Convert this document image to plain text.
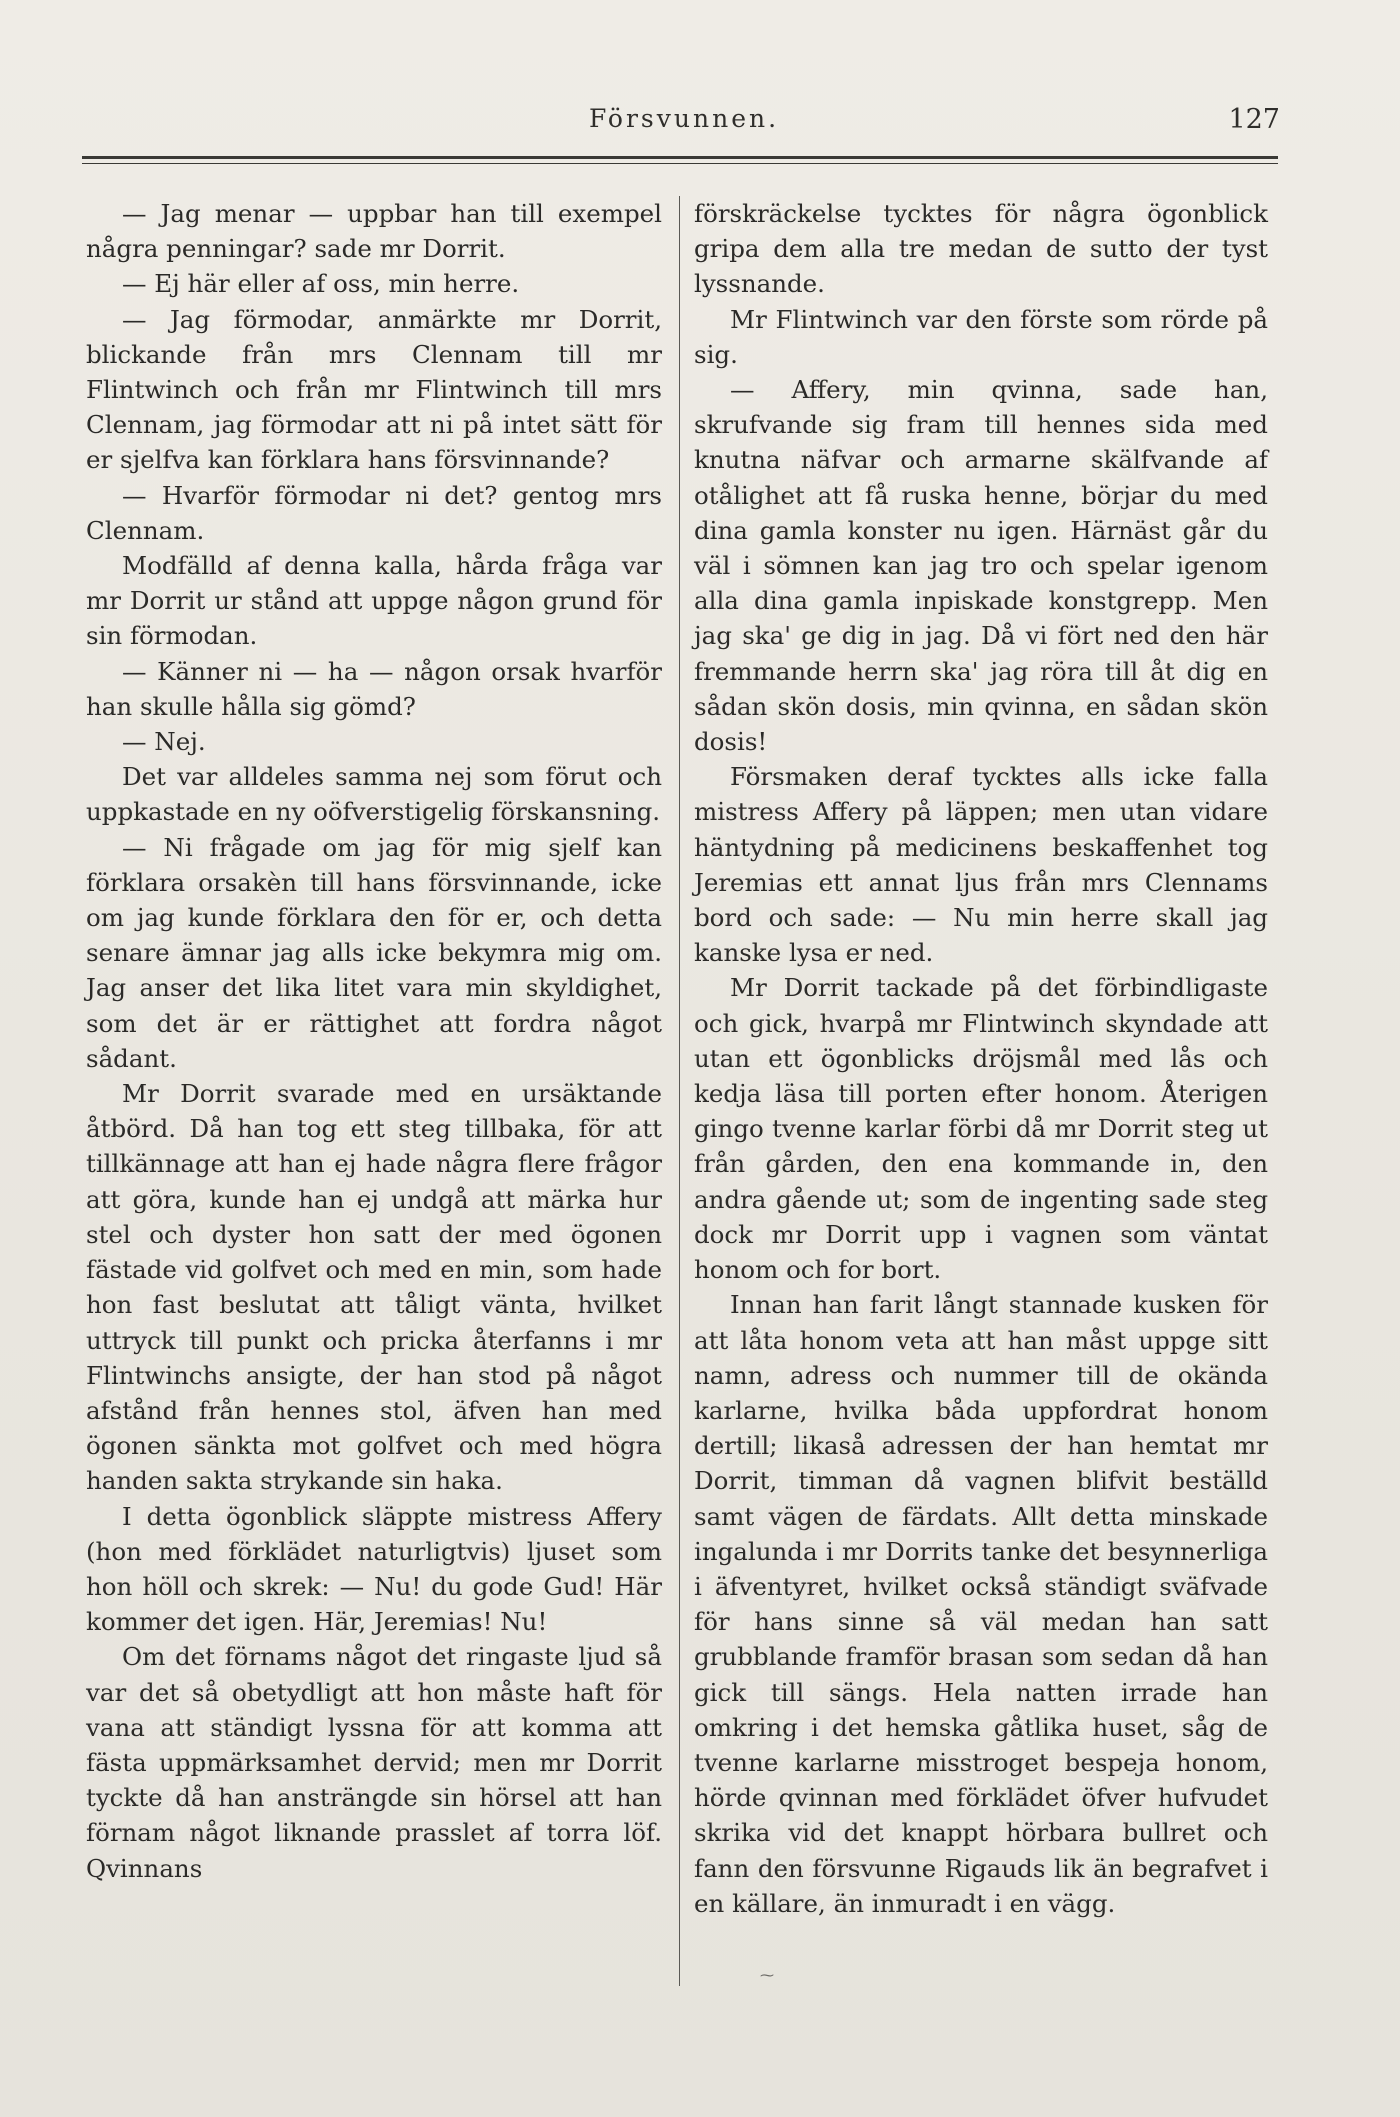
Försvunnen.	127

— Jag menar — uppbar han till exempel några penningar? sade mr Dorrit.

— Ej här eller af oss, min herre.

— Jag förmodar, anmärkte mr Dorrit, blickande från mrs Clennam till mr Flintwinch och från mr Flintwinch till mrs Clennam, jag förmodar att ni på intet sätt för er sjelfva kan förklara hans försvinnande?

— Hvarför förmodar ni det? gentog mrs Clennam.

Modfälld af denna kalla, hårda fråga var mr Dorrit ur stånd att uppge någon grund för sin förmodan.

— Känner ni — ha — någon orsak hvarför han skulle hålla sig gömd?

— Nej.

Det var alldeles samma nej som förut och uppkastade en ny oöfverstigelig förskansning.

— Ni frågade om jag för mig sjelf kan förklara orsakèn till hans försvinnande, icke om jag kunde förklara den för er, och detta senare ämnar jag alls icke bekymra mig om. Jag anser det lika litet vara min skyldighet, som det är er rättighet att fordra något sådant.

Mr Dorrit svarade med en ursäktande åtbörd. Då han tog ett steg tillbaka, för att tillkännage att han ej hade några flere frågor att göra, kunde han ej undgå att märka hur stel och dyster hon satt der med ögonen fästade vid golfvet och med en min, som hade hon fast beslutat att tåligt vänta, hvilket uttryck till punkt och pricka återfanns i mr Flintwinchs ansigte, der han stod på något afstånd från hennes stol, äfven han med ögonen sänkta mot golfvet och med högra handen sakta strykande sin haka.

I detta ögonblick släppte mistress Affery (hon med förklädet naturligtvis) ljuset som hon höll och skrek: — Nu! du gode Gud! Här kommer det igen. Här, Jeremias! Nu!

Om det förnams något det ringaste ljud så var det så obetydligt att hon måste haft för vana att ständigt lyssna för att komma att fästa uppmärksamhet dervid; men mr Dorrit tyckte då han ansträngde sin hörsel att han förnam något liknande prasslet af torra löf. Qvinnans

förskräckelse tycktes för några ögonblick gripa dem alla tre medan de sutto der tyst lyssnande.

Mr Flintwinch var den förste som rörde på sig.

— Affery, min qvinna, sade han, skrufvande sig fram till hennes sida med knutna näfvar och armarne skälfvande af otålighet att få ruska henne, börjar du med dina gamla konster nu igen. Härnäst går du väl i sömnen kan jag tro och spelar igenom alla dina gamla inpiskade konstgrepp. Men jag ska' ge dig in jag. Då vi fört ned den här fremmande herrn ska' jag röra till åt dig en sådan skön dosis, min qvinna, en sådan skön dosis!

Försmaken deraf tycktes alls icke falla mistress Affery på läppen; men utan vidare häntydning på medicinens beskaffenhet tog Jeremias ett annat ljus från mrs Clennams bord och sade: — Nu min herre skall jag kanske lysa er ned.

Mr Dorrit tackade på det förbindligaste och gick, hvarpå mr Flintwinch skyndade att utan ett ögonblicks dröjsmål med lås och kedja läsa till porten efter honom. Återigen gingo tvenne karlar förbi då mr Dorrit steg ut från gården, den ena kommande in, den andra gående ut; som de ingenting sade steg dock mr Dorrit upp i vagnen som väntat honom och for bort.

Innan han farit långt stannade kusken för att låta honom veta att han måst uppge sitt namn, adress och nummer till de okända karlarne, hvilka båda uppfordrat honom dertill; likaså adressen der han hemtat mr Dorrit, timman då vagnen blifvit beställd samt vägen de färdats. Allt detta minskade ingalunda i mr Dorrits tanke det besynnerliga i äfventyret, hvilket också ständigt sväfvade för hans sinne så väl medan han satt grubblande framför brasan som sedan då han gick till sängs. Hela natten irrade han omkring i det hemska gåtlika huset, såg de tvenne karlarne misstroget bespeja honom, hörde qvinnan med förklädet öfver hufvudet skrika vid det knappt hörbara bullret och fann den försvunne Rigauds lik än begrafvet i en källare, än inmuradt i en vägg.

⁓
